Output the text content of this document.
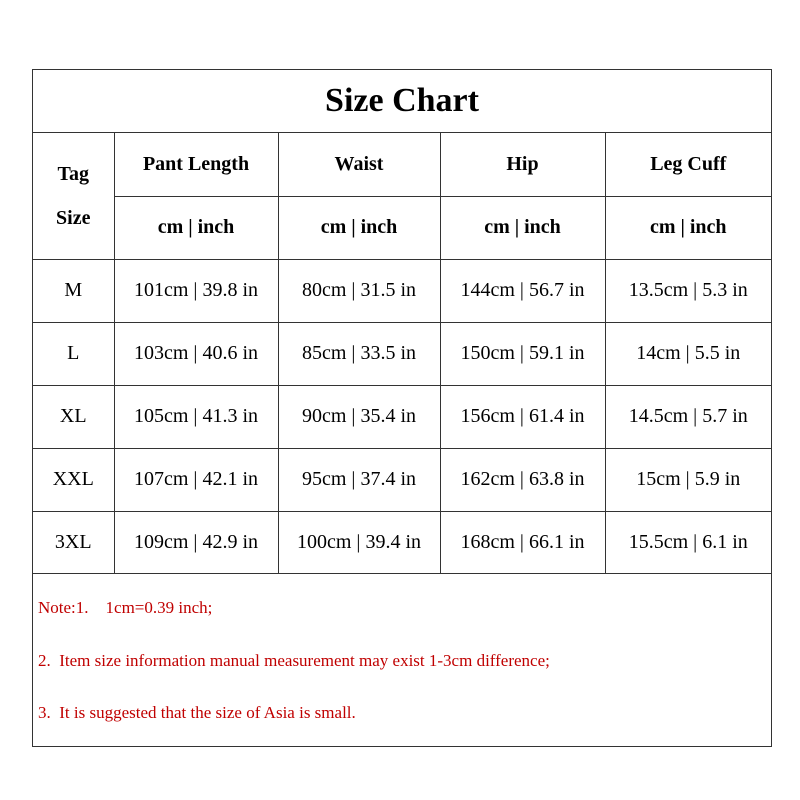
Size Chart
Tag
Size	Pant Length	Waist	Hip	Leg Cuff
	cm | inch	cm | inch	cm | inch	cm | inch
M	101cm | 39.8 in	80cm | 31.5 in	144cm | 56.7 in	13.5cm | 5.3 in
L	103cm | 40.6 in	85cm | 33.5 in	150cm | 59.1 in	14cm | 5.5 in
XL	105cm | 41.3 in	90cm | 35.4 in	156cm | 61.4 in	14.5cm | 5.7 in
XXL	107cm | 42.1 in	95cm | 37.4 in	162cm | 63.8 in	15cm | 5.9 in
3XL	109cm | 42.9 in	100cm | 39.4 in	168cm | 66.1 in	15.5cm | 6.1 in
Note:1.    1cm=0.39 inch;
2.  Item size information manual measurement may exist 1-3cm difference;
3.  It is suggested that the size of Asia is small.
